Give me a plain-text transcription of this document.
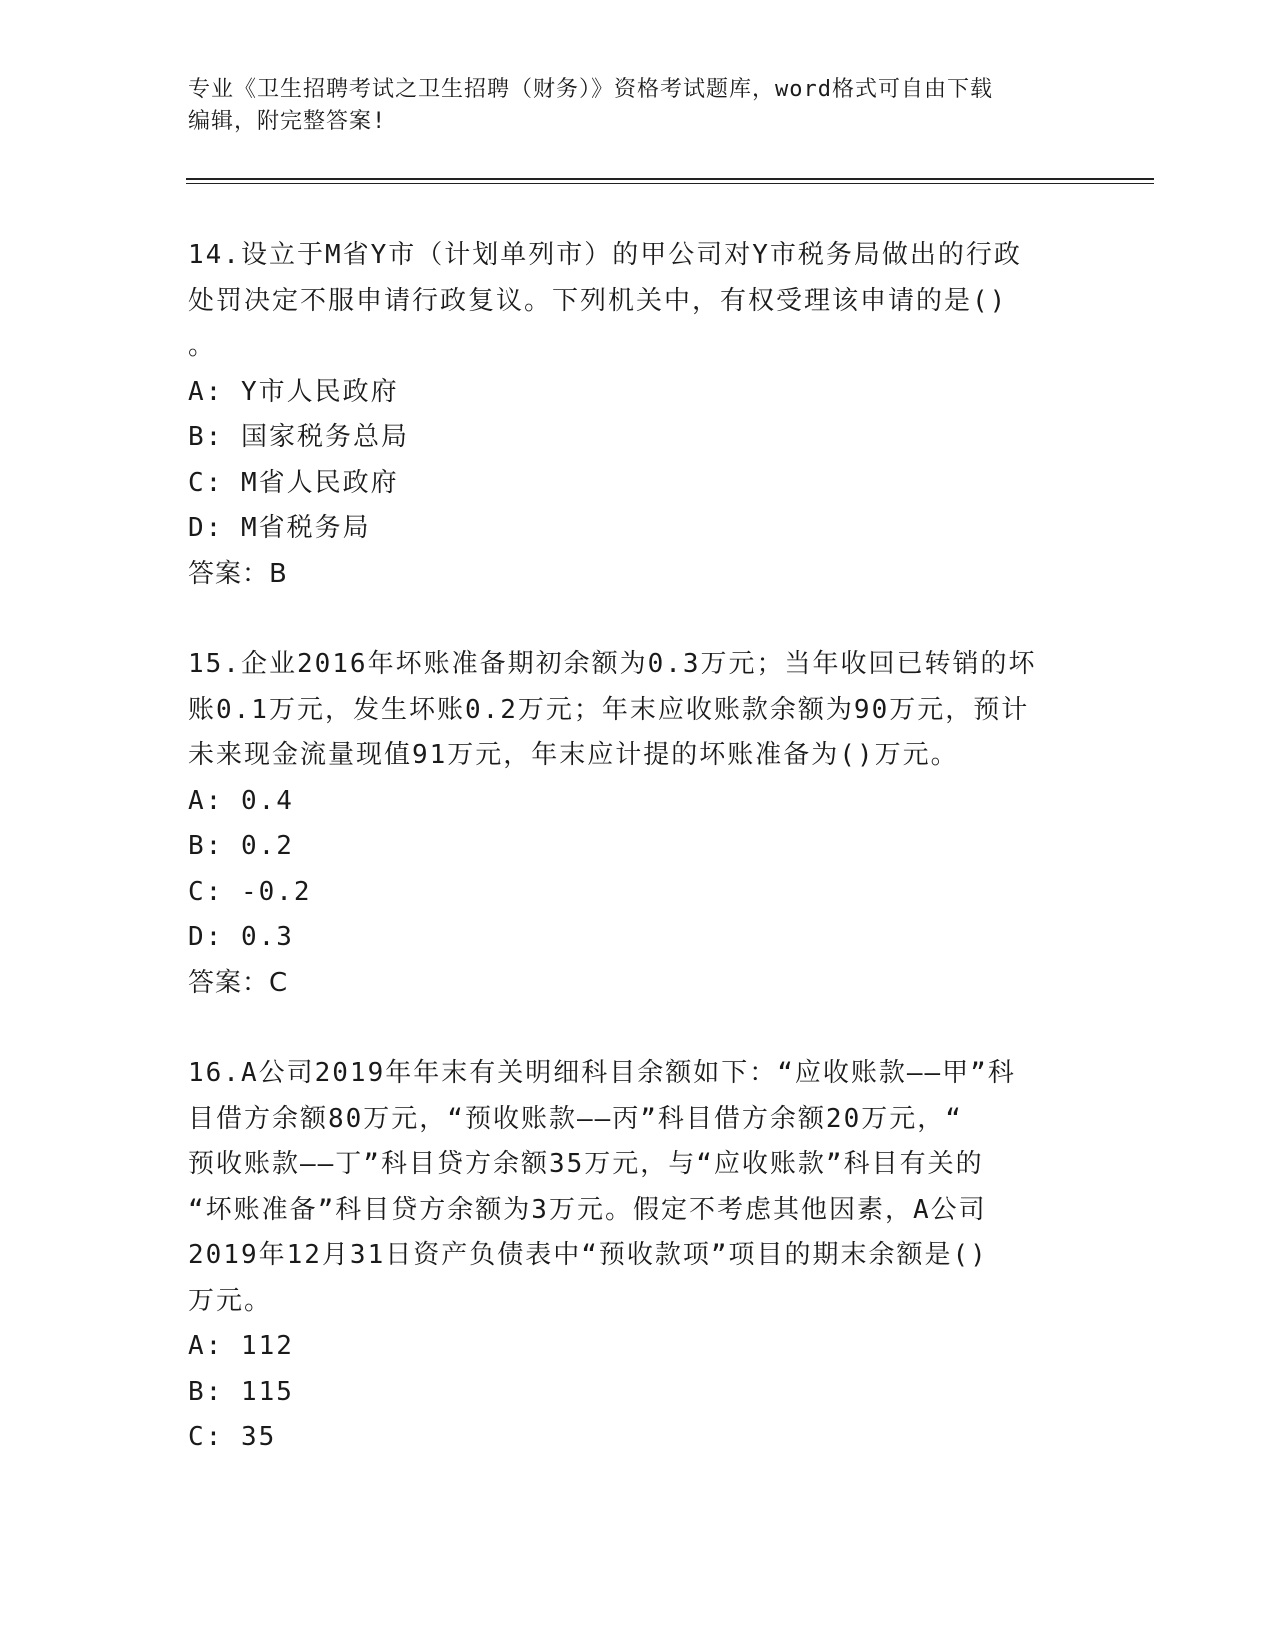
专业《卫生招聘考试之卫生招聘（财务）》资格考试题库，word格式可自由下载

编辑，附完整答案!

14.设立于M省Y市（计划单列市）的甲公司对Y市税务局做出的行政

处罚决定不服申请行政复议。下列机关中，有权受理该申请的是()

。

A: Y市人民政府

B: 国家税务总局

C: M省人民政府

D: M省税务局

答案：B

15.企业2016年坏账准备期初余额为0.3万元；当年收回已转销的坏

账0.1万元，发生坏账0.2万元；年末应收账款余额为90万元，预计

未来现金流量现值91万元，年末应计提的坏账准备为()万元。

A: 0.4

B: 0.2

C: -0.2

D: 0.3

答案：C

16.A公司2019年年末有关明细科目余额如下：“应收账款——甲”科

目借方余额80万元，“预收账款——丙”科目借方余额20万元，“

预收账款——丁”科目贷方余额35万元，与“应收账款”科目有关的

“坏账准备”科目贷方余额为3万元。假定不考虑其他因素，A公司

2019年12月31日资产负债表中“预收款项”项目的期末余额是()

万元。

A: 112

B: 115

C: 35
